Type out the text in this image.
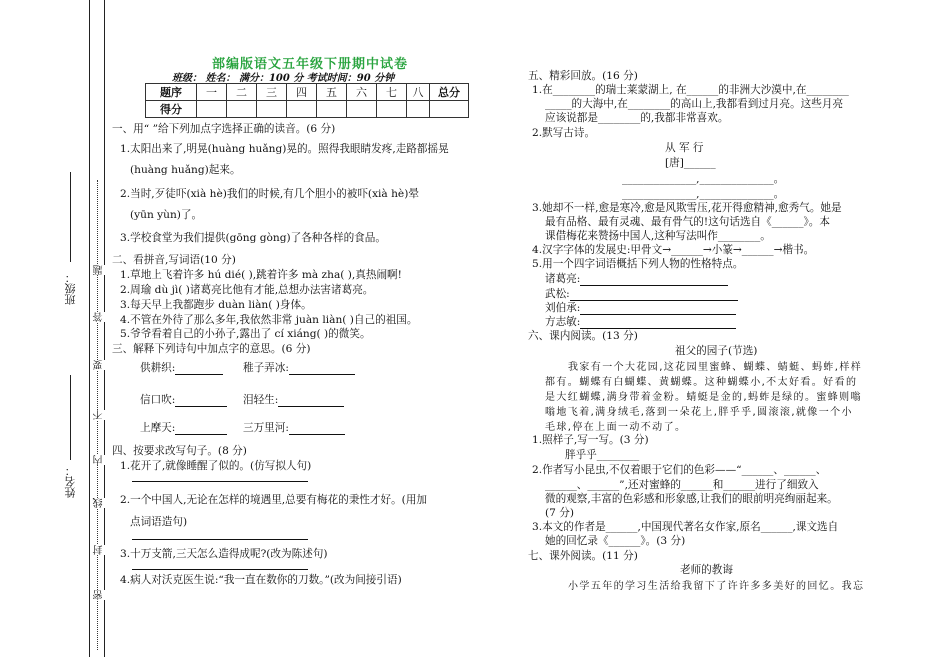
班级：
姓名：
密
封
线
内
不
要
答
题
部编版语文五年级下册期中试卷
班级： 姓名： 满分：100 分 考试时间：90 分钟
题序	一	二	三	四	五	六	七	八	总分
得分									
一、用“ ”给下列加点字选择正确的读音。(6 分)
1.太阳出来了,明晃(huàng huǎng)晃的。照得我眼睛发疼,走路都摇晃
(huàng huǎng)起来。
2.当时,歹徒吓(xià hè)我们的时候,有几个胆小的被吓(xià hè)晕
(yūn yùn)了。
3.学校食堂为我们提供(gōng gòng)了各种各样的食品。
二、看拼音,写词语(10 分)
1.草地上飞着许多 hú dié( ),跳着许多 mà zha( ),真热闹啊!
2.周瑜 dù jì( )诸葛亮比他有才能,总想办法害诸葛亮。
3.每天早上我都跑步 duàn liàn( )身体。
4.不管在外待了那么多年,我依然非常 juàn liàn( )自己的祖国。
5.爷爷看着自己的小孙子,露出了 cí xiáng( )的微笑。
三、解释下列诗句中加点字的意思。(6 分)
供耕织:	稚子弄冰:
信口吹:	泪轻生:
上摩天:	三万里河:
四、按要求改写句子。(8 分)
1.花开了,就像睡醒了似的。(仿写拟人句)
2.一个中国人,无论在怎样的境遇里,总要有梅花的秉性才好。(用加
点词语造句)
3.十万支箭,三天怎么造得成呢?(改为陈述句)
4.病人对沃克医生说:“我一直在数你的刀数。”(改为间接引语)
五、精彩回放。(16 分)
1.在________的瑞士莱蒙湖上, 在______的非洲大沙漠中,在________
_____的大海中,在________的高山上,我都看到过月亮。这些月亮
应该说都是________的,我都非常喜欢。
2.默写古诗。
从 军 行
[唐]______
______________,______________。
______________,______________。
3.她却不一样,愈是寒冷,愈是风欺雪压,花开得愈精神,愈秀气。她是
最有品格、最有灵魂、最有骨气的!这句话选自《______》。本
课借梅花来赞扬中国人,这种写法叫作________。
4.汉字字体的发展史:甲骨文→______→小篆→______→楷书。
5.用一个四字词语概括下列人物的性格特点。
诸葛亮:
武松:
刘伯承:
方志敏:
六、课内阅读。(13 分)
祖父的园子(节选)
我家有一个大花园,这花园里蜜蜂、蝴蝶、蜻蜓、蚂蚱,样样
都有。蝴蝶有白蝴蝶、黄蝴蝶。这种蝴蝶小,不太好看。好看的
是大红蝴蝶,满身带着金粉。蜻蜓是金的,蚂蚱是绿的。蜜蜂则嗡
嗡地飞着,满身绒毛,落到一朵花上,胖乎乎,圆滚滚,就像一个小
毛球,停在上面一动不动了。
1.照样子,写一写。(3 分)
胖乎乎________
2.作者写小昆虫,不仅着眼于它们的色彩——“______、______、
______、______”,还对蜜蜂的______和______进行了细致入
微的观察,丰富的色彩感和形象感,让我们的眼前明亮绚丽起来。
(7 分)
3.本文的作者是______,中国现代著名女作家,原名______,课文选自
她的回忆录《______》。(3 分)
七、课外阅读。(11 分)
老师的教诲
小学五年的学习生活给我留下了许许多多美好的回忆。我忘
